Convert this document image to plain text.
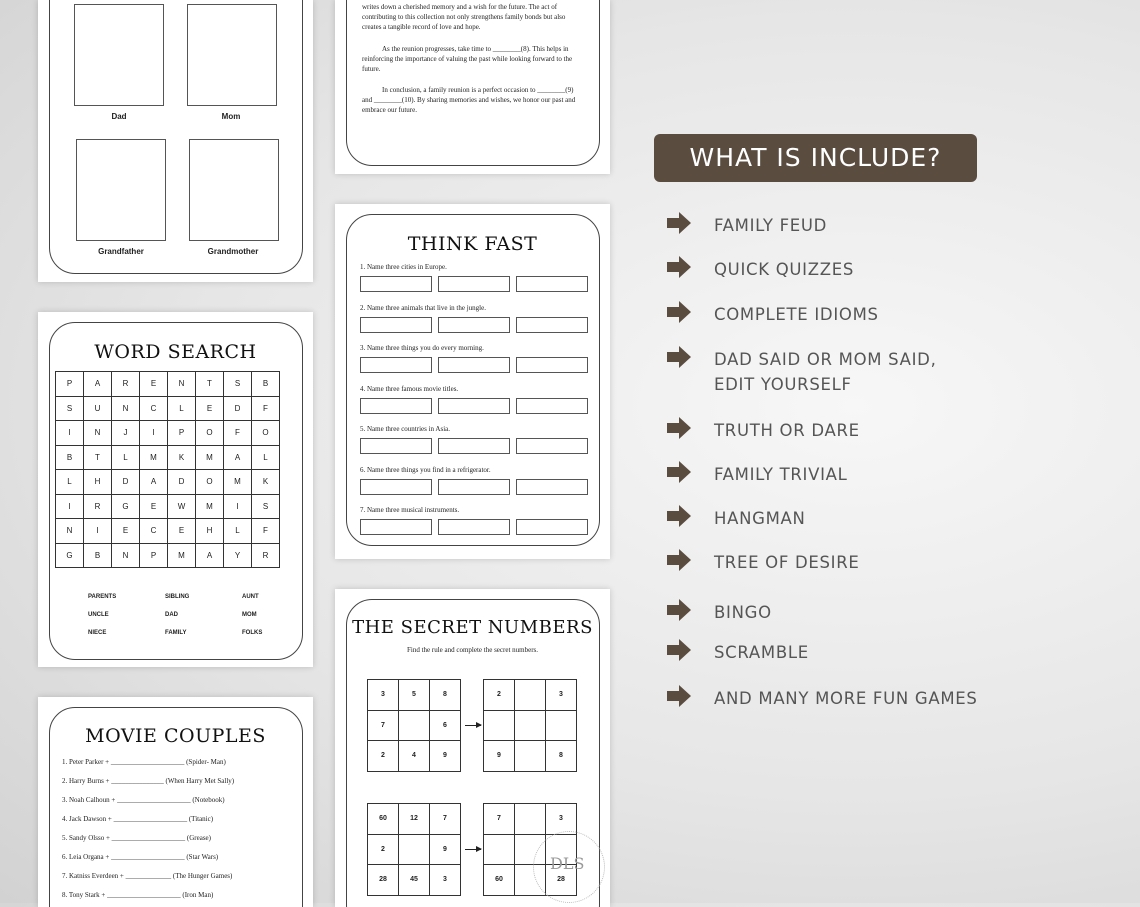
Dad	Mom
Grandfather	Grandmother
writes down a cherished memory and a wish for the future. The act of contributing to this collection not only strengthens family bonds but also creates a tangible record of love and hope.
As the reunion progresses, take time to ________(8). This helps in reinforcing the importance of valuing the past while looking forward to the future.
In conclusion, a family reunion is a perfect occasion to ________(9) and ________(10). By sharing memories and wishes, we honor our past and embrace our future.
THINK FAST
1. Name three cities in Europe.
2. Name three animals that live in the jungle.
3. Name three things you do every morning.
4. Name three famous movie titles.
5. Name three countries in Asia.
6. Name three things you find in a refrigerator.
7. Name three musical instruments.
WORD SEARCH
P	A	R	E	N	T	S	B
S	U	N	C	L	E	D	F
I	N	J	I	P	O	F	O
B	T	L	M	K	M	A	L
L	H	D	A	D	O	M	K
I	R	G	E	W	M	I	S
N	I	E	C	E	H	L	F
G	B	N	P	M	A	Y	R
PARENTS	SIBLING	AUNT
UNCLE	DAD	MOM
NIECE	FAMILY	FOLKS
MOVIE COUPLES
1. Peter Parker + _____________________ (Spider- Man)
2. Harry Burns + _______________ (When Harry Met Sally)
3. Noah Calhoun + _____________________ (Notebook)
4. Jack Dawson + _____________________ (Titanic)
5. Sandy Olsso + _____________________ (Grease)
6. Leia Organa + _____________________ (Star Wars)
7. Katniss Everdeen + _____________ (The Hunger Games)
8. Tony Stark + _____________________ (Iron Man)
THE SECRET NUMBERS
Find the rule and complete the secret numbers.
3	5	8
7		6
2	4	9
2		3

9		8
60	12	7
2		9
28	45	3
7		3

60		28
DLS
WHAT IS INCLUDE?
FAMILY FEUD
QUICK QUIZZES
COMPLETE IDIOMS
DAD SAID OR MOM SAID,
EDIT YOURSELF
TRUTH OR DARE
FAMILY TRIVIAL
HANGMAN
TREE OF DESIRE
BINGO
SCRAMBLE
AND MANY MORE FUN GAMES
